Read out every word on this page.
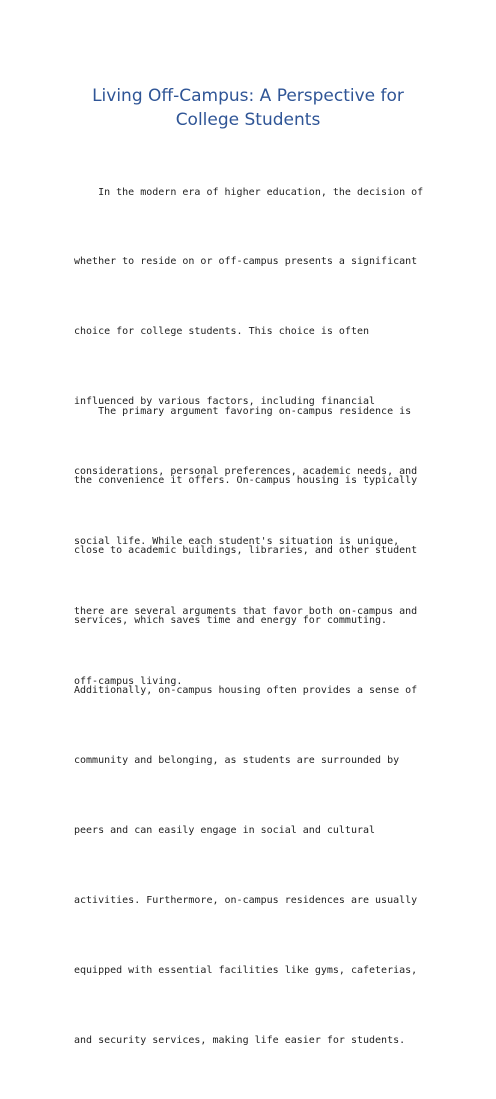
Living Off-Campus: A Perspective for
College Students

In the modern era of higher education, the decision of

whether to reside on or off-campus presents a significant

choice for college students. This choice is often

influenced by various factors, including financial

considerations, personal preferences, academic needs, and

social life. While each student's situation is unique,

there are several arguments that favor both on-campus and

off-campus living.

The primary argument favoring on-campus residence is

the convenience it offers. On-campus housing is typically

close to academic buildings, libraries, and other student

services, which saves time and energy for commuting.

Additionally, on-campus housing often provides a sense of

community and belonging, as students are surrounded by

peers and can easily engage in social and cultural

activities. Furthermore, on-campus residences are usually

equipped with essential facilities like gyms, cafeterias,

and security services, making life easier for students.
